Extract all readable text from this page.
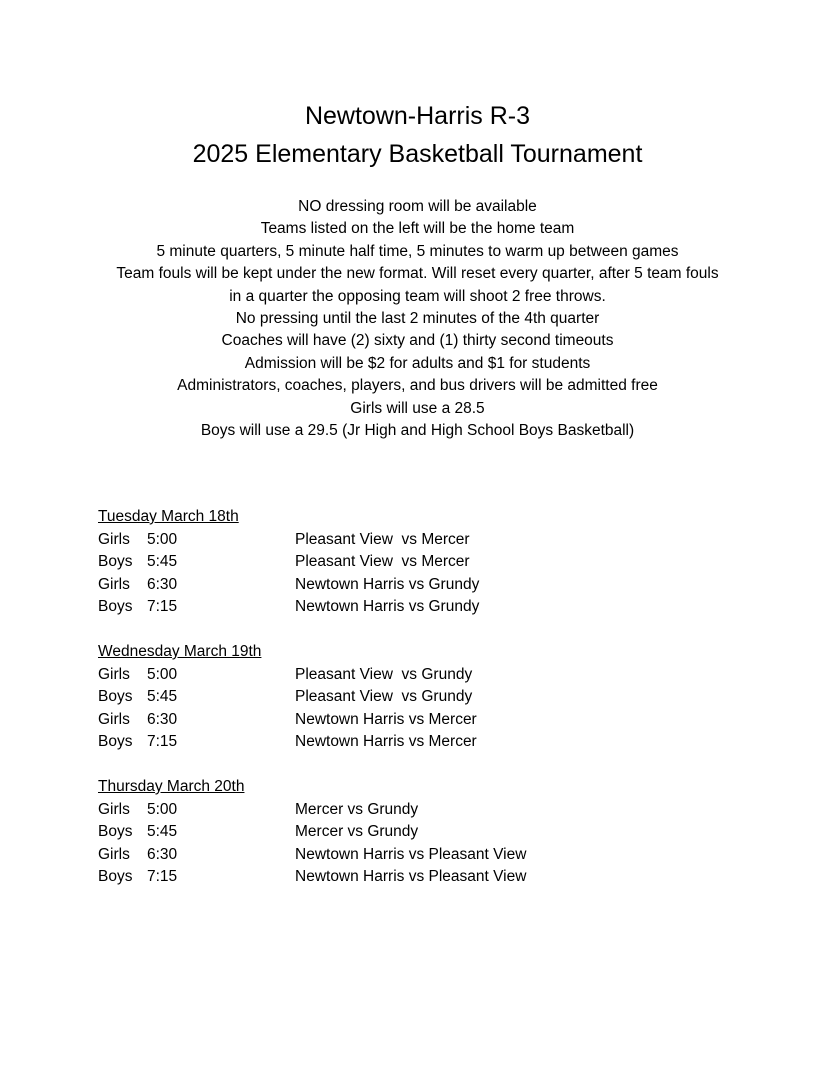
Newtown-Harris R-3
2025 Elementary Basketball Tournament
NO dressing room will be available
Teams listed on the left will be the home team
5 minute quarters, 5 minute half time, 5 minutes to warm up between games
Team fouls will be kept under the new format. Will reset every quarter, after 5 team fouls
in a quarter the opposing team will shoot 2 free throws.
No pressing until the last 2 minutes of the 4th quarter
Coaches will have (2) sixty and (1) thirty second timeouts
Admission will be $2 for adults and $1 for students
Administrators, coaches, players, and bus drivers will be admitted free
Girls will use a 28.5
Boys will use a 29.5 (Jr High and High School Boys Basketball)
Tuesday March 18th
Girls	5:00	Pleasant View  vs Mercer
Boys 5:45	Pleasant View  vs Mercer
Girls	6:30	Newtown Harris vs Grundy
Boys 7:15	Newtown Harris vs Grundy
Wednesday March 19th
Girls	5:00	Pleasant View  vs Grundy
Boys 5:45	Pleasant View  vs Grundy
Girls	6:30	Newtown Harris vs Mercer
Boys 7:15	Newtown Harris vs Mercer
Thursday March 20th
Girls	5:00	Mercer vs Grundy
Boys 5:45	Mercer vs Grundy
Girls	6:30	Newtown Harris vs Pleasant View
Boys 7:15	Newtown Harris vs Pleasant View
